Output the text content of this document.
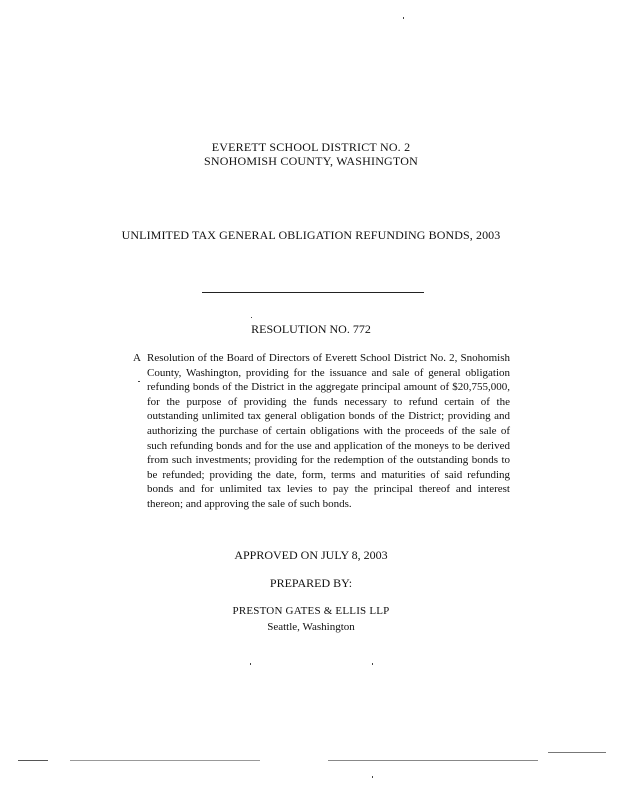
EVERETT SCHOOL DISTRICT NO. 2
SNOHOMISH COUNTY, WASHINGTON
UNLIMITED TAX GENERAL OBLIGATION REFUNDING BONDS, 2003
RESOLUTION NO. 772
A Resolution of the Board of Directors of Everett School District No. 2, Snohomish County, Washington, providing for the issuance and sale of general obligation refunding bonds of the District in the aggregate principal amount of $20,755,000, for the purpose of providing the funds necessary to refund certain of the outstanding unlimited tax general obligation bonds of the District; providing and authorizing the purchase of certain obligations with the proceeds of the sale of such refunding bonds and for the use and application of the moneys to be derived from such investments; providing for the redemption of the outstanding bonds to be refunded; providing the date, form, terms and maturities of said refunding bonds and for unlimited tax levies to pay the principal thereof and interest thereon; and approving the sale of such bonds.
APPROVED ON JULY 8, 2003
PREPARED BY:
PRESTON GATES & ELLIS LLP
Seattle, Washington
